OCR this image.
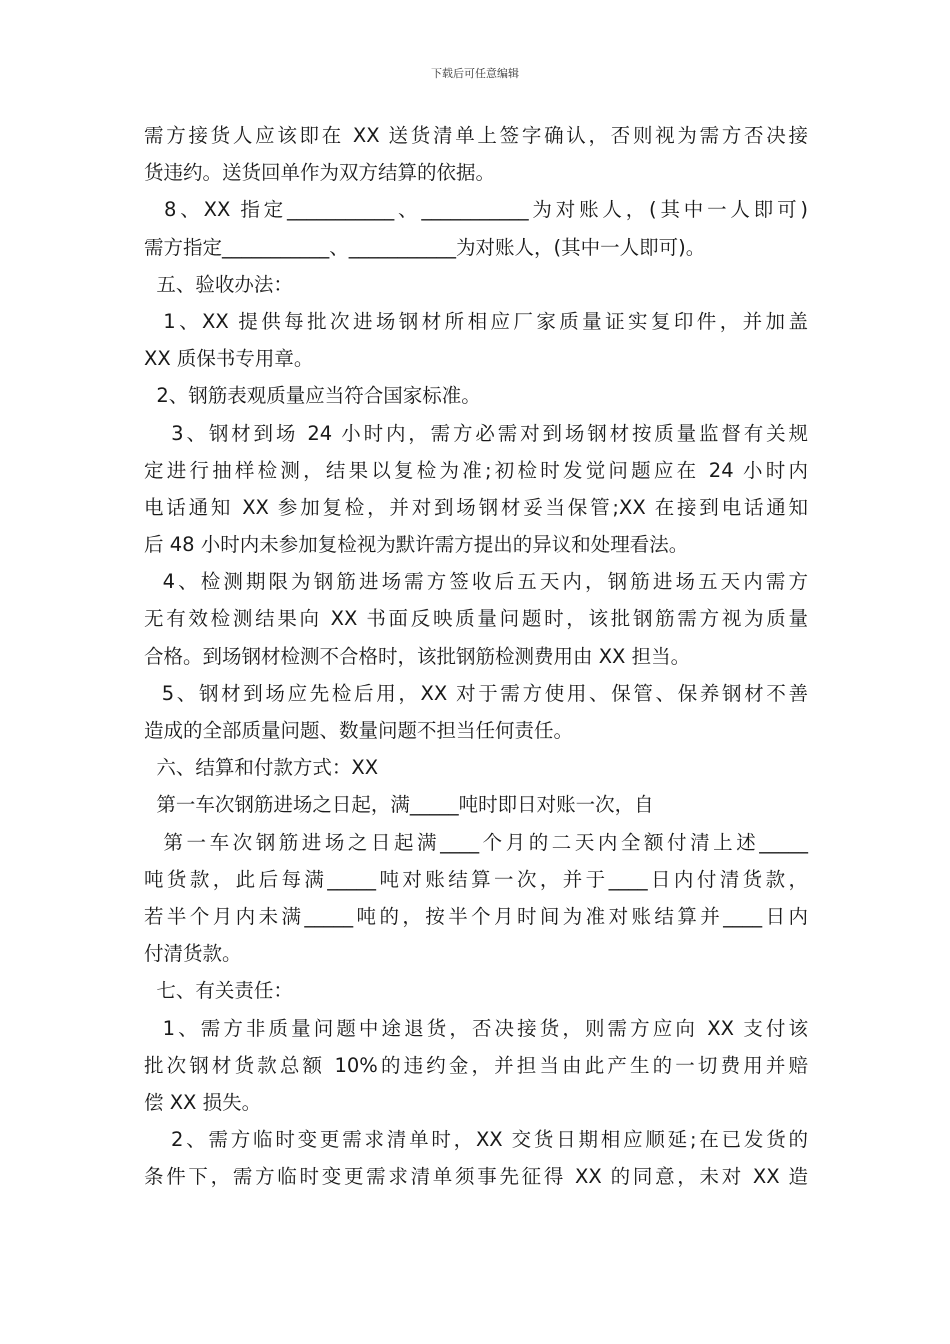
下载后可任意编辑
需方接货人应该即在 XX 送货清单上签字确认，否则视为需方否决接
货违约。送货回单作为双方结算的依据。
8、XX 指定___________、___________为对账人，(其中一人即可)
需方指定___________、___________为对账人，(其中一人即可)。
五、验收办法：
1、XX 提供每批次进场钢材所相应厂家质量证实复印件，并加盖
XX 质保书专用章。
2、钢筋表观质量应当符合国家标准。
3、钢材到场 24 小时内，需方必需对到场钢材按质量监督有关规
定进行抽样检测，结果以复检为准;初检时发觉问题应在 24 小时内
电话通知 XX 参加复检，并对到场钢材妥当保管;XX 在接到电话通知
后 48 小时内未参加复检视为默许需方提出的异议和处理看法。
4、检测期限为钢筋进场需方签收后五天内，钢筋进场五天内需方
无有效检测结果向 XX 书面反映质量问题时，该批钢筋需方视为质量
合格。到场钢材检测不合格时，该批钢筋检测费用由 XX 担当。
5、钢材到场应先检后用，XX 对于需方使用、保管、保养钢材不善
造成的全部质量问题、数量问题不担当任何责任。
六、结算和付款方式：XX
第一车次钢筋进场之日起，满_____吨时即日对账一次，自
第一车次钢筋进场之日起满____个月的二天内全额付清上述_____
吨货款，此后每满_____吨对账结算一次，并于____日内付清货款，
若半个月内未满_____吨的，按半个月时间为准对账结算并____日内
付清货款。
七、有关责任：
1、需方非质量问题中途退货，否决接货，则需方应向 XX 支付该
批次钢材货款总额 10%的违约金，并担当由此产生的一切费用并赔
偿 XX 损失。
2、需方临时变更需求清单时，XX 交货日期相应顺延;在已发货的
条件下，需方临时变更需求清单须事先征得 XX 的同意，未对 XX 造
